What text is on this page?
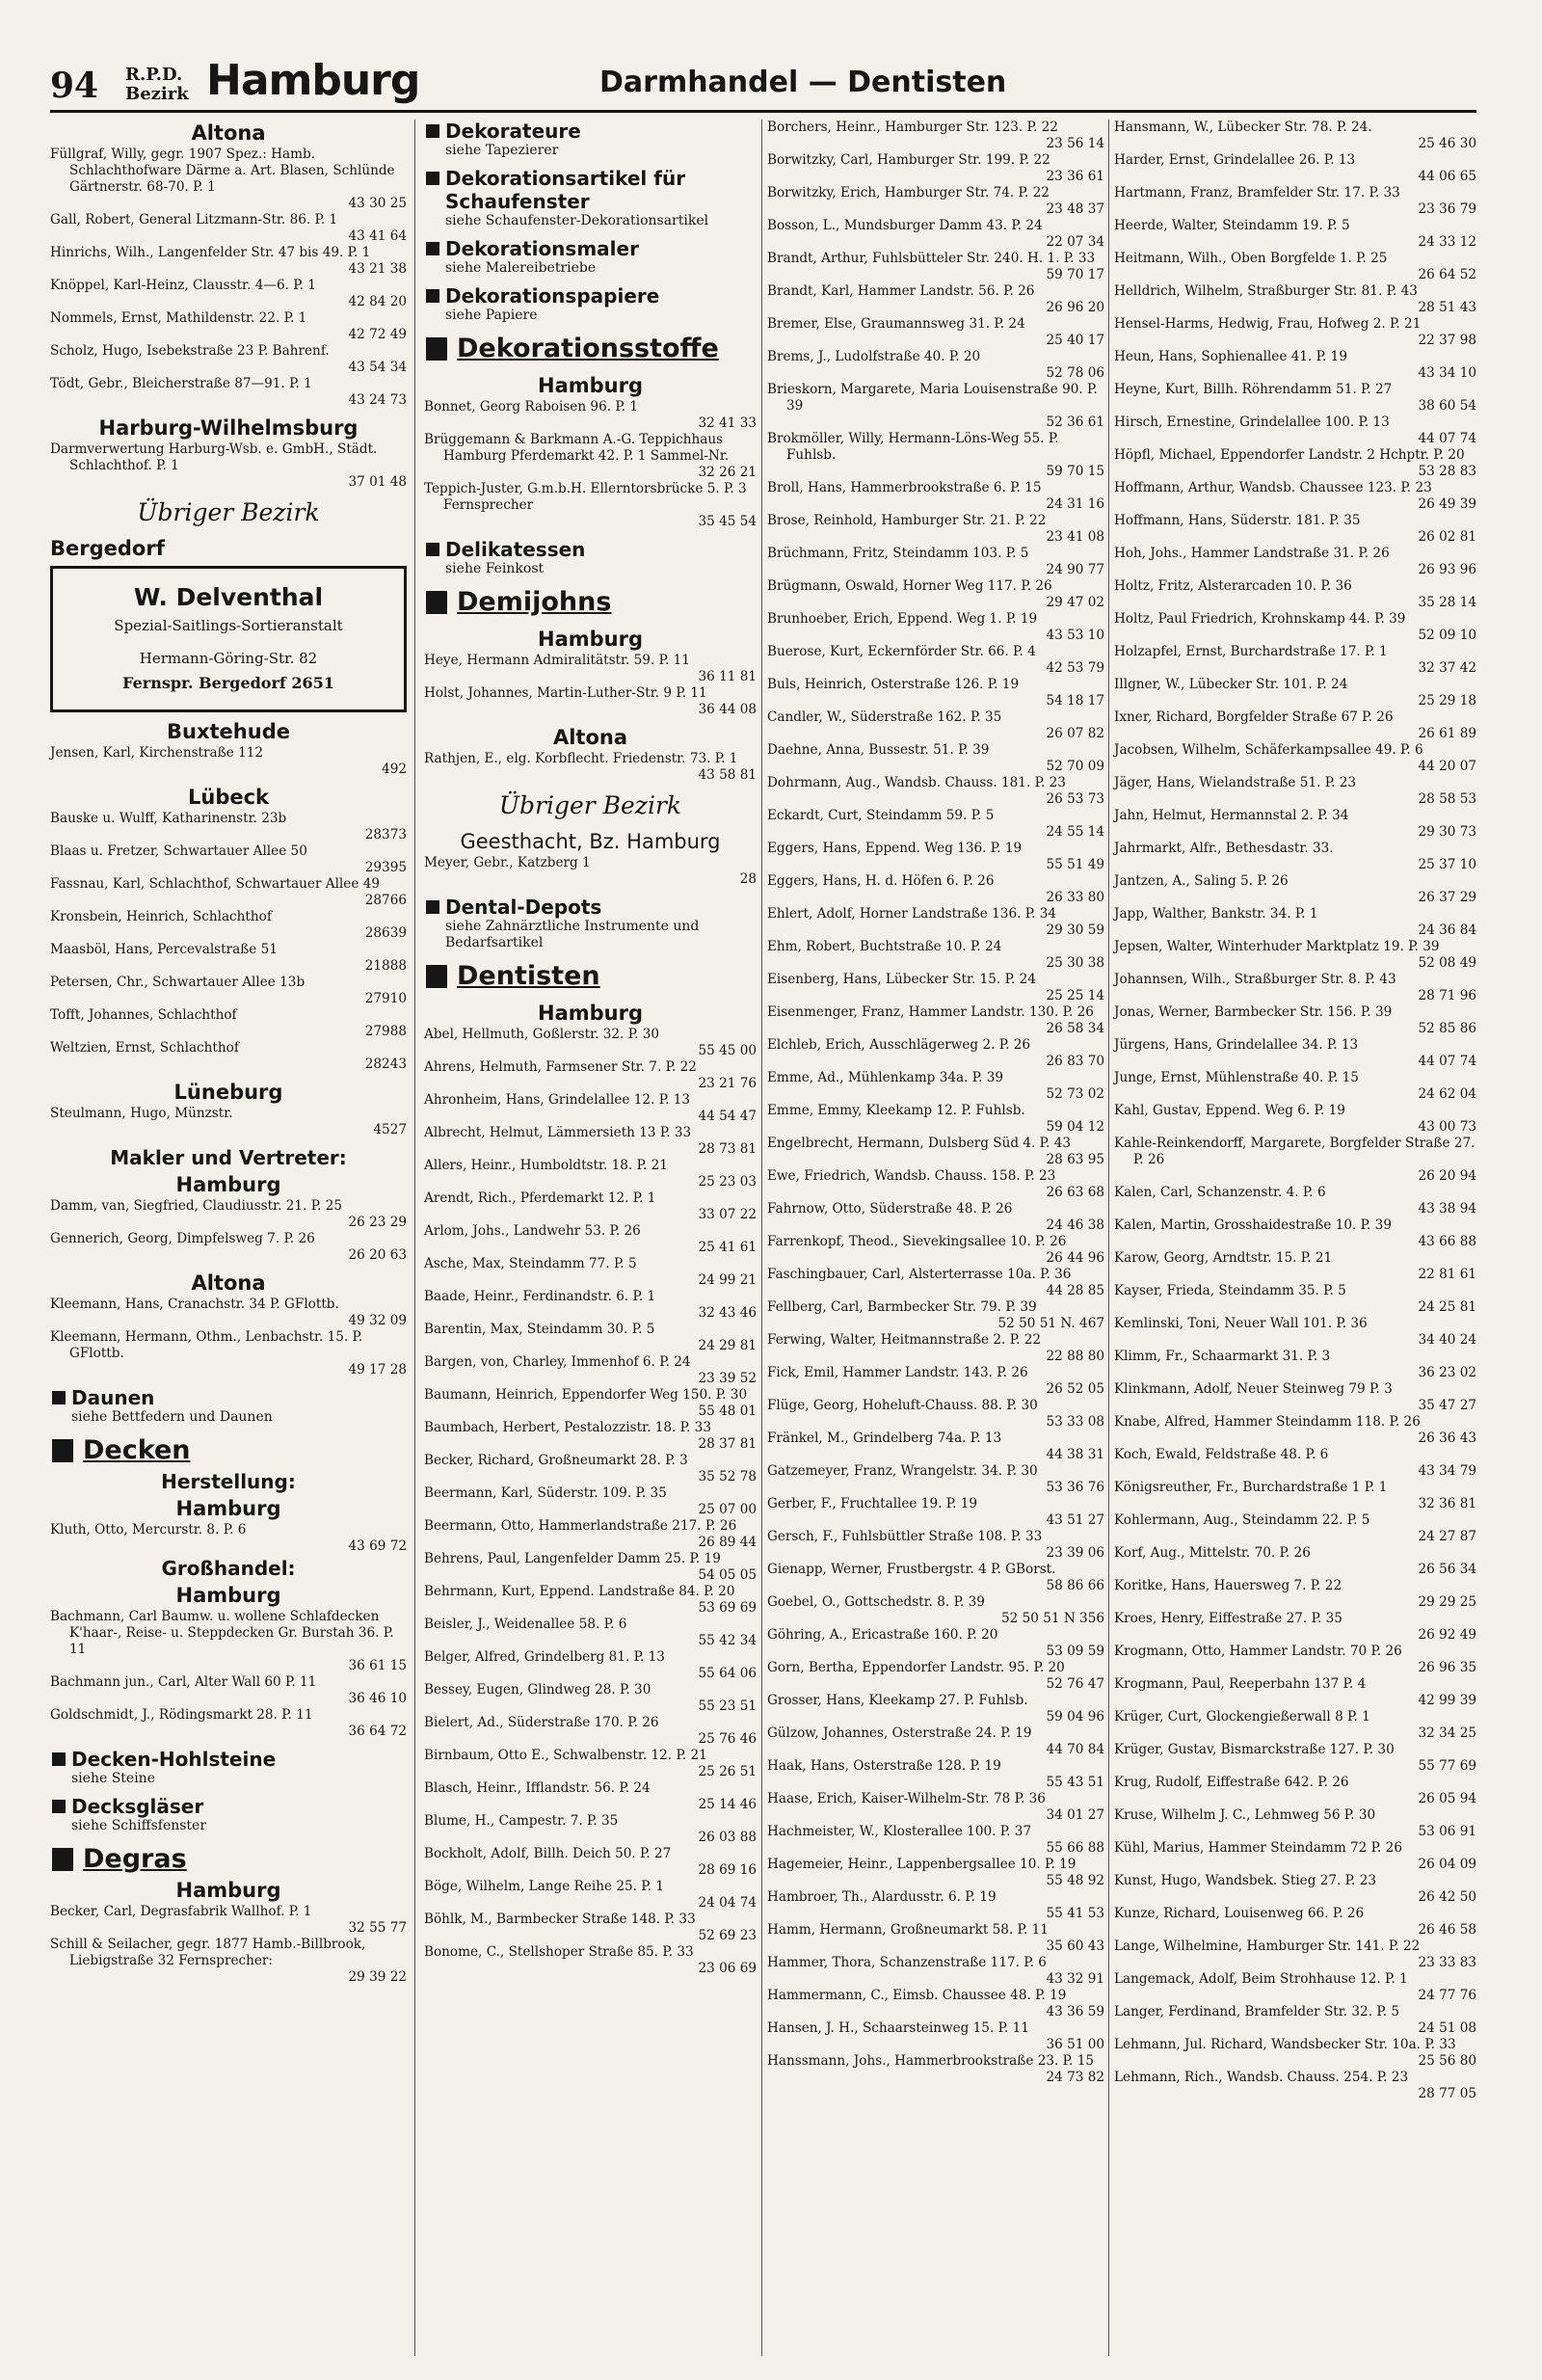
94 R.P.D.
Bezirk Hamburg	Darmhandel — Dentisten
Altona
Füllgraf, Willy, gegr. 1907 Spez.: Hamb. Schlachthofware Därme a. Art. Blasen, Schlünde Gärtnerstr. 68-70. P. 1
43 30 25
Gall, Robert, General Litzmann-Str. 86. P. 1
43 41 64
Hinrichs, Wilh., Langenfelder Str. 47 bis 49. P. 1
43 21 38
Knöppel, Karl-Heinz, Clausstr. 4—6. P. 1
42 84 20
Nommels, Ernst, Mathildenstr. 22. P. 1
42 72 49
Scholz, Hugo, Isebekstraße 23 P. Bahrenf.
43 54 34
Tödt, Gebr., Bleicherstraße 87—91. P. 1
43 24 73
Harburg-Wilhelmsburg
Darmverwertung Harburg-Wsb. e. GmbH., Städt. Schlachthof. P. 1
37 01 48
Übriger Bezirk
Bergedorf
W. Delventhal
Spezial-Saitlings-Sortieranstalt
Hermann-Göring-Str. 82
Fernspr. Bergedorf 2651
Buxtehude
Jensen, Karl, Kirchenstraße 112
492
Lübeck
Bauske u. Wulff, Katharinenstr. 23b
28373
Blaas u. Fretzer, Schwartauer Allee 50
29395
Fassnau, Karl, Schlachthof, Schwartauer Allee 49
28766
Kronsbein, Heinrich, Schlachthof
28639
Maasböl, Hans, Percevalstraße 51
21888
Petersen, Chr., Schwartauer Allee 13b
27910
Tofft, Johannes, Schlachthof
27988
Weltzien, Ernst, Schlachthof
28243
Lüneburg
Steulmann, Hugo, Münzstr.
4527
Makler und Vertreter:
Hamburg
Damm, van, Siegfried, Claudiusstr. 21. P. 25
26 23 29
Gennerich, Georg, Dimpfelsweg 7. P. 26
26 20 63
Altona
Kleemann, Hans, Cranachstr. 34 P. GFlottb.
49 32 09
Kleemann, Hermann, Othm., Lenbachstr. 15. P. GFlottb.
49 17 28
Daunen
siehe Bettfedern und Daunen
Decken
Herstellung:
Hamburg
Kluth, Otto, Mercurstr. 8. P. 6
43 69 72
Großhandel:
Hamburg
Bachmann, Carl Baumw. u. wollene Schlafdecken K'haar-, Reise- u. Steppdecken Gr. Burstah 36. P. 11
36 61 15
Bachmann jun., Carl, Alter Wall 60 P. 11
36 46 10
Goldschmidt, J., Rödingsmarkt 28. P. 11
36 64 72
Decken-Hohlsteine
siehe Steine
Decksgläser
siehe Schiffsfenster
Degras
Hamburg
Becker, Carl, Degrasfabrik Wallhof. P. 1
32 55 77
Schill & Seilacher, gegr. 1877 Hamb.-Billbrook, Liebigstraße 32 Fernsprecher:
29 39 22
Dekorateure
siehe Tapezierer
Dekorationsartikel für Schaufenster
siehe Schaufenster-Dekorationsartikel
Dekorationsmaler
siehe Malereibetriebe
Dekorationspapiere
siehe Papiere
Dekorationsstoffe
Hamburg
Bonnet, Georg Raboisen 96. P. 1
32 41 33
Brüggemann & Barkmann A.-G. Teppichhaus Hamburg Pferdemarkt 42. P. 1 Sammel-Nr.
32 26 21
Teppich-Juster, G.m.b.H. Ellerntorsbrücke 5. P. 3 Fernsprecher
35 45 54
Delikatessen
siehe Feinkost
Demijohns
Hamburg
Heye, Hermann Admiralitätstr. 59. P. 11
36 11 81
Holst, Johannes, Martin-Luther-Str. 9 P. 11
36 44 08
Altona
Rathjen, E., elg. Korbflecht. Friedenstr. 73. P. 1
43 58 81
Übriger Bezirk
Geesthacht, Bz. Hamburg
Meyer, Gebr., Katzberg 1
28
Dental-Depots
siehe Zahnärztliche Instrumente und Bedarfsartikel
Dentisten
Hamburg
Abel, Hellmuth, Goßlerstr. 32. P. 30
55 45 00
Ahrens, Helmuth, Farmsener Str. 7. P. 22
23 21 76
Ahronheim, Hans, Grindelallee 12. P. 13
44 54 47
Albrecht, Helmut, Lämmersieth 13 P. 33
28 73 81
Allers, Heinr., Humboldtstr. 18. P. 21
25 23 03
Arendt, Rich., Pferdemarkt 12. P. 1
33 07 22
Arlom, Johs., Landwehr 53. P. 26
25 41 61
Asche, Max, Steindamm 77. P. 5
24 99 21
Baade, Heinr., Ferdinandstr. 6. P. 1
32 43 46
Barentin, Max, Steindamm 30. P. 5
24 29 81
Bargen, von, Charley, Immenhof 6. P. 24
23 39 52
Baumann, Heinrich, Eppendorfer Weg 150. P. 30
55 48 01
Baumbach, Herbert, Pestalozzistr. 18. P. 33
28 37 81
Becker, Richard, Großneumarkt 28. P. 3
35 52 78
Beermann, Karl, Süderstr. 109. P. 35
25 07 00
Beermann, Otto, Hammerlandstraße 217. P. 26
26 89 44
Behrens, Paul, Langenfelder Damm 25. P. 19
54 05 05
Behrmann, Kurt, Eppend. Landstraße 84. P. 20
53 69 69
Beisler, J., Weidenallee 58. P. 6
55 42 34
Belger, Alfred, Grindelberg 81. P. 13
55 64 06
Bessey, Eugen, Glindweg 28. P. 30
55 23 51
Bielert, Ad., Süderstraße 170. P. 26
25 76 46
Birnbaum, Otto E., Schwalbenstr. 12. P. 21
25 26 51
Blasch, Heinr., Ifflandstr. 56. P. 24
25 14 46
Blume, H., Campestr. 7. P. 35
26 03 88
Bockholt, Adolf, Billh. Deich 50. P. 27
28 69 16
Böge, Wilhelm, Lange Reihe 25. P. 1
24 04 74
Böhlk, M., Barmbecker Straße 148. P. 33
52 69 23
Bonome, C., Stellshoper Straße 85. P. 33
23 06 69
Borchers, Heinr., Hamburger Str. 123. P. 22
23 56 14
Borwitzky, Carl, Hamburger Str. 199. P. 22
23 36 61
Borwitzky, Erich, Hamburger Str. 74. P. 22
23 48 37
Bosson, L., Mundsburger Damm 43. P. 24
22 07 34
Brandt, Arthur, Fuhlsbütteler Str. 240. H. 1. P. 33
59 70 17
Brandt, Karl, Hammer Landstr. 56. P. 26
26 96 20
Bremer, Else, Graumannsweg 31. P. 24
25 40 17
Brems, J., Ludolfstraße 40. P. 20
52 78 06
Brieskorn, Margarete, Maria Louisenstraße 90. P. 39
52 36 61
Brokmöller, Willy, Hermann-Löns-Weg 55. P. Fuhlsb.
59 70 15
Broll, Hans, Hammerbrookstraße 6. P. 15
24 31 16
Brose, Reinhold, Hamburger Str. 21. P. 22
23 41 08
Brüchmann, Fritz, Steindamm 103. P. 5
24 90 77
Brügmann, Oswald, Horner Weg 117. P. 26
29 47 02
Brunhoeber, Erich, Eppend. Weg 1. P. 19
43 53 10
Buerose, Kurt, Eckernförder Str. 66. P. 4
42 53 79
Buls, Heinrich, Osterstraße 126. P. 19
54 18 17
Candler, W., Süderstraße 162. P. 35
26 07 82
Daehne, Anna, Bussestr. 51. P. 39
52 70 09
Dohrmann, Aug., Wandsb. Chauss. 181. P. 23
26 53 73
Eckardt, Curt, Steindamm 59. P. 5
24 55 14
Eggers, Hans, Eppend. Weg 136. P. 19
55 51 49
Eggers, Hans, H. d. Höfen 6. P. 26
26 33 80
Ehlert, Adolf, Horner Landstraße 136. P. 34
29 30 59
Ehm, Robert, Buchtstraße 10. P. 24
25 30 38
Eisenberg, Hans, Lübecker Str. 15. P. 24
25 25 14
Eisenmenger, Franz, Hammer Landstr. 130. P. 26
26 58 34
Elchleb, Erich, Ausschlägerweg 2. P. 26
26 83 70
Emme, Ad., Mühlenkamp 34a. P. 39
52 73 02
Emme, Emmy, Kleekamp 12. P. Fuhlsb.
59 04 12
Engelbrecht, Hermann, Dulsberg Süd 4. P. 43
28 63 95
Ewe, Friedrich, Wandsb. Chauss. 158. P. 23
26 63 68
Fahrnow, Otto, Süderstraße 48. P. 26
24 46 38
Farrenkopf, Theod., Sievekingsallee 10. P. 26
26 44 96
Faschingbauer, Carl, Alsterterrasse 10a. P. 36
44 28 85
Fellberg, Carl, Barmbecker Str. 79. P. 39
52 50 51 N. 467
Ferwing, Walter, Heitmannstraße 2. P. 22
22 88 80
Fick, Emil, Hammer Landstr. 143. P. 26
26 52 05
Flüge, Georg, Hoheluft-Chauss. 88. P. 30
53 33 08
Fränkel, M., Grindelberg 74a. P. 13
44 38 31
Gatzemeyer, Franz, Wrangelstr. 34. P. 30
53 36 76
Gerber, F., Fruchtallee 19. P. 19
43 51 27
Gersch, F., Fuhlsbüttler Straße 108. P. 33
23 39 06
Gienapp, Werner, Frustbergstr. 4 P. GBorst.
58 86 66
Goebel, O., Gottschedstr. 8. P. 39
52 50 51 N 356
Göhring, A., Ericastraße 160. P. 20
53 09 59
Gorn, Bertha, Eppendorfer Landstr. 95. P. 20
52 76 47
Grosser, Hans, Kleekamp 27. P. Fuhlsb.
59 04 96
Gülzow, Johannes, Osterstraße 24. P. 19
44 70 84
Haak, Hans, Osterstraße 128. P. 19
55 43 51
Haase, Erich, Kaiser-Wilhelm-Str. 78 P. 36
34 01 27
Hachmeister, W., Klosterallee 100. P. 37
55 66 88
Hagemeier, Heinr., Lappenbergsallee 10. P. 19
55 48 92
Hambroer, Th., Alardusstr. 6. P. 19
55 41 53
Hamm, Hermann, Großneumarkt 58. P. 11
35 60 43
Hammer, Thora, Schanzenstraße 117. P. 6
43 32 91
Hammermann, C., Eimsb. Chaussee 48. P. 19
43 36 59
Hansen, J. H., Schaarsteinweg 15. P. 11
36 51 00
Hanssmann, Johs., Hammerbrookstraße 23. P. 15
24 73 82
Hansmann, W., Lübecker Str. 78. P. 24.
25 46 30
Harder, Ernst, Grindelallee 26. P. 13
44 06 65
Hartmann, Franz, Bramfelder Str. 17. P. 33
23 36 79
Heerde, Walter, Steindamm 19. P. 5
24 33 12
Heitmann, Wilh., Oben Borgfelde 1. P. 25
26 64 52
Helldrich, Wilhelm, Straßburger Str. 81. P. 43
28 51 43
Hensel-Harms, Hedwig, Frau, Hofweg 2. P. 21
22 37 98
Heun, Hans, Sophienallee 41. P. 19
43 34 10
Heyne, Kurt, Billh. Röhrendamm 51. P. 27
38 60 54
Hirsch, Ernestine, Grindelallee 100. P. 13
44 07 74
Höpfl, Michael, Eppendorfer Landstr. 2 Hchptr. P. 20
53 28 83
Hoffmann, Arthur, Wandsb. Chaussee 123. P. 23
26 49 39
Hoffmann, Hans, Süderstr. 181. P. 35
26 02 81
Hoh, Johs., Hammer Landstraße 31. P. 26
26 93 96
Holtz, Fritz, Alsterarcaden 10. P. 36
35 28 14
Holtz, Paul Friedrich, Krohnskamp 44. P. 39
52 09 10
Holzapfel, Ernst, Burchardstraße 17. P. 1
32 37 42
Illgner, W., Lübecker Str. 101. P. 24
25 29 18
Ixner, Richard, Borgfelder Straße 67 P. 26
26 61 89
Jacobsen, Wilhelm, Schäferkampsallee 49. P. 6
44 20 07
Jäger, Hans, Wielandstraße 51. P. 23
28 58 53
Jahn, Helmut, Hermannstal 2. P. 34
29 30 73
Jahrmarkt, Alfr., Bethesdastr. 33.
25 37 10
Jantzen, A., Saling 5. P. 26
26 37 29
Japp, Walther, Bankstr. 34. P. 1
24 36 84
Jepsen, Walter, Winterhuder Marktplatz 19. P. 39
52 08 49
Johannsen, Wilh., Straßburger Str. 8. P. 43
28 71 96
Jonas, Werner, Barmbecker Str. 156. P. 39
52 85 86
Jürgens, Hans, Grindelallee 34. P. 13
44 07 74
Junge, Ernst, Mühlenstraße 40. P. 15
24 62 04
Kahl, Gustav, Eppend. Weg 6. P. 19
43 00 73
Kahle-Reinkendorff, Margarete, Borgfelder Straße 27. P. 26
26 20 94
Kalen, Carl, Schanzenstr. 4. P. 6
43 38 94
Kalen, Martin, Grosshaidestraße 10. P. 39
43 66 88
Karow, Georg, Arndtstr. 15. P. 21
22 81 61
Kayser, Frieda, Steindamm 35. P. 5
24 25 81
Kemlinski, Toni, Neuer Wall 101. P. 36
34 40 24
Klimm, Fr., Schaarmarkt 31. P. 3
36 23 02
Klinkmann, Adolf, Neuer Steinweg 79 P. 3
35 47 27
Knabe, Alfred, Hammer Steindamm 118. P. 26
26 36 43
Koch, Ewald, Feldstraße 48. P. 6
43 34 79
Königsreuther, Fr., Burchardstraße 1 P. 1
32 36 81
Kohlermann, Aug., Steindamm 22. P. 5
24 27 87
Korf, Aug., Mittelstr. 70. P. 26
26 56 34
Koritke, Hans, Hauersweg 7. P. 22
29 29 25
Kroes, Henry, Eiffestraße 27. P. 35
26 92 49
Krogmann, Otto, Hammer Landstr. 70 P. 26
26 96 35
Krogmann, Paul, Reeperbahn 137 P. 4
42 99 39
Krüger, Curt, Glockengießerwall 8 P. 1
32 34 25
Krüger, Gustav, Bismarckstraße 127. P. 30
55 77 69
Krug, Rudolf, Eiffestraße 642. P. 26
26 05 94
Kruse, Wilhelm J. C., Lehmweg 56 P. 30
53 06 91
Kühl, Marius, Hammer Steindamm 72 P. 26
26 04 09
Kunst, Hugo, Wandsbek. Stieg 27. P. 23
26 42 50
Kunze, Richard, Louisenweg 66. P. 26
26 46 58
Lange, Wilhelmine, Hamburger Str. 141. P. 22
23 33 83
Langemack, Adolf, Beim Strohhause 12. P. 1
24 77 76
Langer, Ferdinand, Bramfelder Str. 32. P. 5
24 51 08
Lehmann, Jul. Richard, Wandsbecker Str. 10a. P. 33
25 56 80
Lehmann, Rich., Wandsb. Chauss. 254. P. 23
28 77 05
